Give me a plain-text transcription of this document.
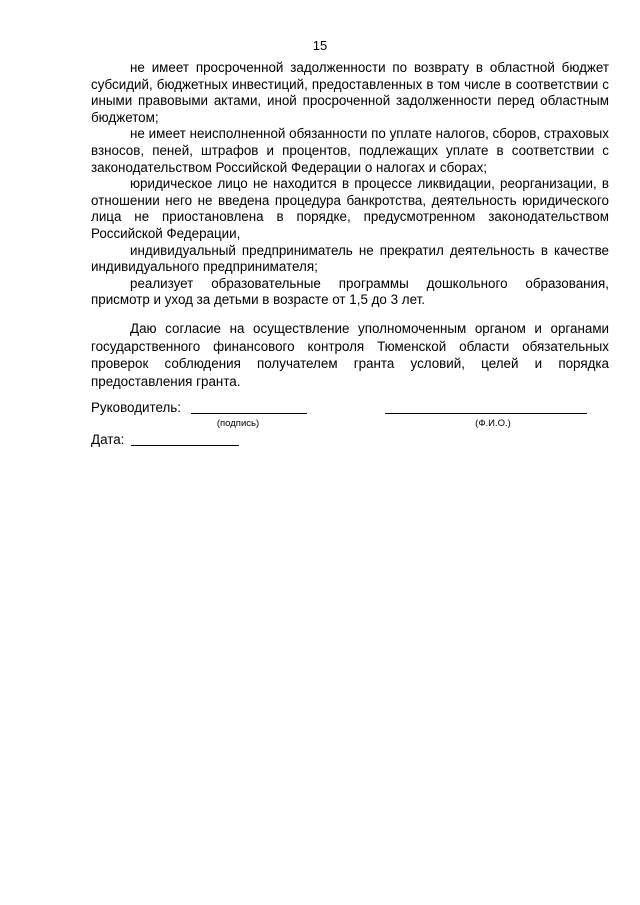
15

не имеет просроченной задолженности по возврату в областной бюджет субсидий, бюджетных инвестиций, предоставленных в том числе в соответствии с иными правовыми актами, иной просроченной задолженности перед областным бюджетом;

не имеет неисполненной обязанности по уплате налогов, сборов, страховых взносов, пеней, штрафов и процентов, подлежащих уплате в соответствии с законодательством Российской Федерации о налогах и сборах;

юридическое лицо не находится в процессе ликвидации, реорганизации, в отношении него не введена процедура банкротства, деятельность юридического лица не приостановлена в порядке, предусмотренном законодательством Российской Федерации,

индивидуальный предприниматель не прекратил деятельность в качестве индивидуального предпринимателя;

реализует образовательные программы дошкольного образования, присмотр и уход за детьми в возрасте от 1,5 до 3 лет.

Даю согласие на осуществление уполномоченным органом и органами государственного финансового контроля Тюменской области обязательных проверок соблюдения получателем гранта условий, целей и порядка предоставления гранта.

Руководитель:
(подпись)	(Ф.И.О.)
Дата:
